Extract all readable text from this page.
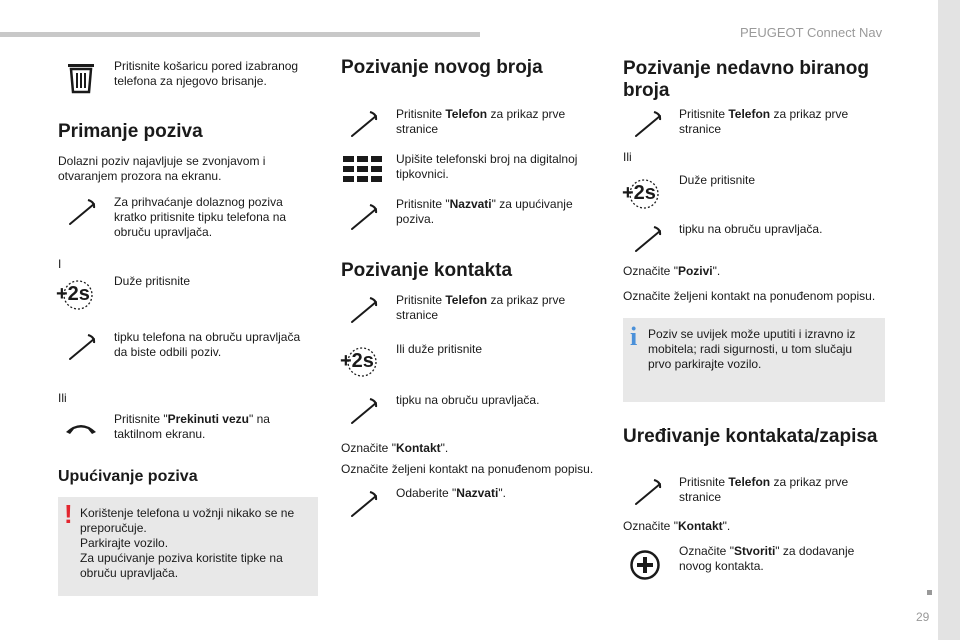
PEUGEOT Connect Nav
29
Pritisnite košaricu pored izabranog telefona za njegovo brisanje.
Primanje poziva
Dolazni poziv najavljuje se zvonjavom i otvaranjem prozora na ekranu.
Za prihvaćanje dolaznog poziva kratko pritisnite tipku telefona na obruču upravljača.
I
+2s
Duže pritisnite
tipku telefona na obruču upravljača da biste odbili poziv.
Ili
Pritisnite "Prekinuti vezu" na taktilnom ekranu.
Upućivanje poziva
! Korištenje telefona u vožnji nikako se ne preporučuje.
Parkirajte vozilo.
Za upućivanje poziva koristite tipke na obruču upravljača.
Pozivanje novog broja
Pritisnite Telefon za prikaz prve stranice
Upišite telefonski broj na digitalnoj tipkovnici.
Pritisnite "Nazvati" za upućivanje poziva.
Pozivanje kontakta
Pritisnite Telefon za prikaz prve stranice
+2s
Ili duže pritisnite
tipku na obruču upravljača.
Označite "Kontakt".
Označite željeni kontakt na ponuđenom popisu.
Odaberite "Nazvati".
Pozivanje nedavno biranog
broja
Pritisnite Telefon za prikaz prve stranice
Ili
+2s
Duže pritisnite
tipku na obruču upravljača.
Označite "Pozivi".
Označite željeni kontakt na ponuđenom popisu.
i Poziv se uvijek može uputiti i izravno iz mobitela; radi sigurnosti, u tom slučaju prvo parkirajte vozilo.
Uređivanje kontakata/zapisa
Pritisnite Telefon za prikaz prve stranice
Označite "Kontakt".
Označite "Stvoriti" za dodavanje novog kontakta.
